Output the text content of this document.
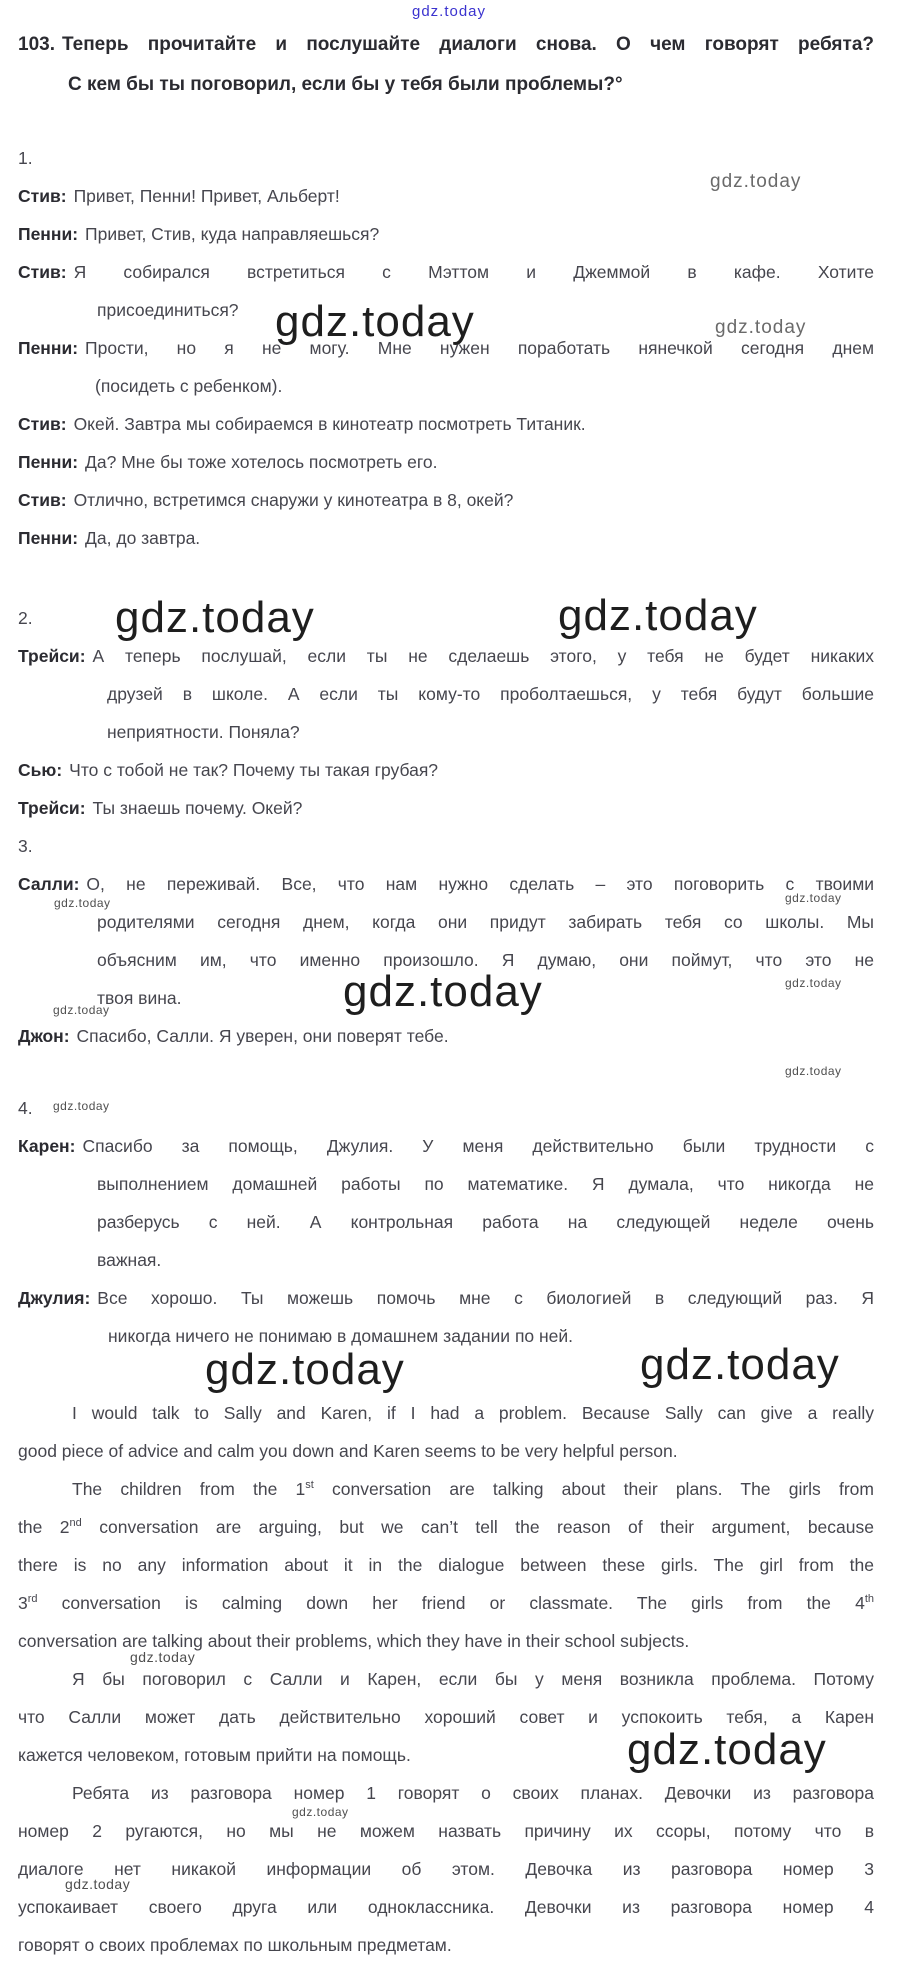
gdz.today
gdz.today
gdz.today	gdz.today
gdz.today	gdz.today
gdz.today	gdz.today
gdz.today	gdz.today
gdz.today
gdz.today
gdz.today
gdz.today	gdz.today
gdz.today
gdz.today
gdz.today
gdz.today
103. Теперь прочитайте и послушайте диалоги снова. О чем говорят ребята?
С кем бы ты поговорил, если бы у тебя были проблемы?°
1.
Стив: Привет, Пенни! Привет, Альберт!
Пенни: Привет, Стив, куда направляешься?
Стив: Я собирался встретиться с Мэттом и Джеммой в кафе. Хотите
присоединиться?
Пенни: Прости, но я не могу. Мне нужен поработать нянечкой сегодня днем
(посидеть с ребенком).
Стив: Окей. Завтра мы собираемся в кинотеатр посмотреть Титаник.
Пенни: Да? Мне бы тоже хотелось посмотреть его.
Стив: Отлично, встретимся снаружи у кинотеатра в 8, окей?
Пенни: Да, до завтра.
2.
Трейси: А теперь послушай, если ты не сделаешь этого, у тебя не будет никаких
друзей в школе. А если ты кому-то проболтаешься, у тебя будут большие
неприятности. Поняла?
Сью: Что с тобой не так? Почему ты такая грубая?
Трейси: Ты знаешь почему. Окей?
3.
Салли: О, не переживай. Все, что нам нужно сделать – это поговорить с твоими
родителями сегодня днем, когда они придут забирать тебя со школы. Мы
объясним им, что именно произошло. Я думаю, они поймут, что это не
твоя вина.
Джон: Спасибо, Салли. Я уверен, они поверят тебе.
4.
Карен: Спасибо за помощь, Джулия. У меня действительно были трудности с
выполнением домашней работы по математике. Я думала, что никогда не
разберусь с ней. А контрольная работа на следующей неделе очень
важная.
Джулия: Все хорошо. Ты можешь помочь мне с биологией в следующий раз. Я
никогда ничего не понимаю в домашнем задании по ней.
I would talk to Sally and Karen, if I had a problem. Because Sally can give a really
good piece of advice and calm you down and Karen seems to be very helpful person.
The children from the 1st conversation are talking about their plans. The girls from
the 2nd conversation are arguing, but we can’t tell the reason of their argument, because
there is no any information about it in the dialogue between these girls. The girl from the
3rd conversation is calming down her friend or classmate. The girls from the 4th
conversation are talking about their problems, which they have in their school subjects.
Я бы поговорил с Салли и Карен, если бы у меня возникла проблема. Потому
что Салли может дать действительно хороший совет и успокоить тебя, а Карен
кажется человеком, готовым прийти на помощь.
Ребята из разговора номер 1 говорят о своих планах. Девочки из разговора
номер 2 ругаются, но мы не можем назвать причину их ссоры, потому что в
диалоге нет никакой информации об этом. Девочка из разговора номер 3
успокаивает своего друга или одноклассника. Девочки из разговора номер 4
говорят о своих проблемах по школьным предметам.
